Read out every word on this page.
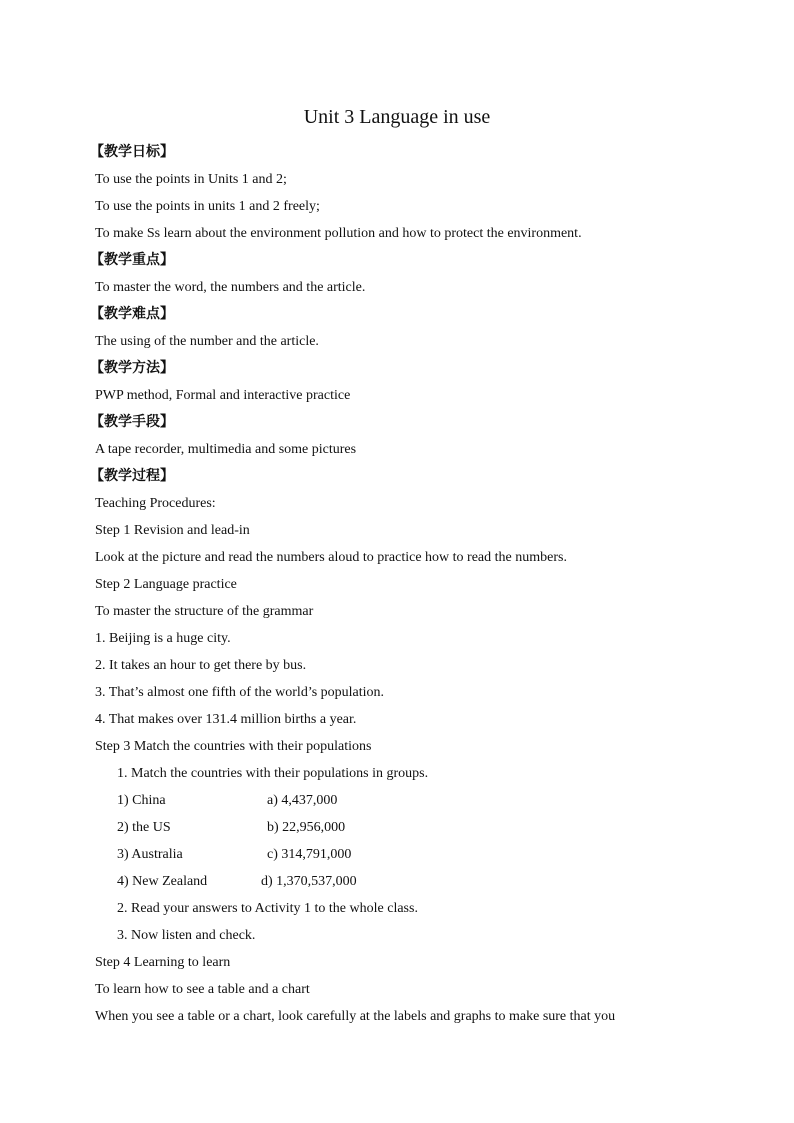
Unit 3 Language in use
【教学日标】
To use the points in Units 1 and 2;
To use the points in units 1 and 2 freely;
To make Ss learn about the environment pollution and how to protect the environment.
【教学重点】
To master the word, the numbers and the article.
【教学难点】
The using of the number and the article.
【教学方法】
PWP method, Formal and interactive practice
【教学手段】
A tape recorder, multimedia and some pictures
【教学过程】
Teaching Procedures:
Step 1 Revision and lead-in
Look at the picture and read the numbers aloud to practice how to read the numbers.
Step 2 Language practice
To master the structure of the grammar
1. Beijing is a huge city.
2. It takes an hour to get there by bus.
3. That’s almost one fifth of the world’s population.
4. That makes over 131.4 million births a year.
Step 3 Match the countries with their populations
1. Match the countries with their populations in groups.
1) China	a) 4,437,000
2) the US	b) 22,956,000
3) Australia	c) 314,791,000
4) New Zealand	d) 1,370,537,000
2. Read your answers to Activity 1 to the whole class.
3. Now listen and check.
Step 4 Learning to learn
To learn how to see a table and a chart
When you see a table or a chart, look carefully at the labels and graphs to make sure that you
